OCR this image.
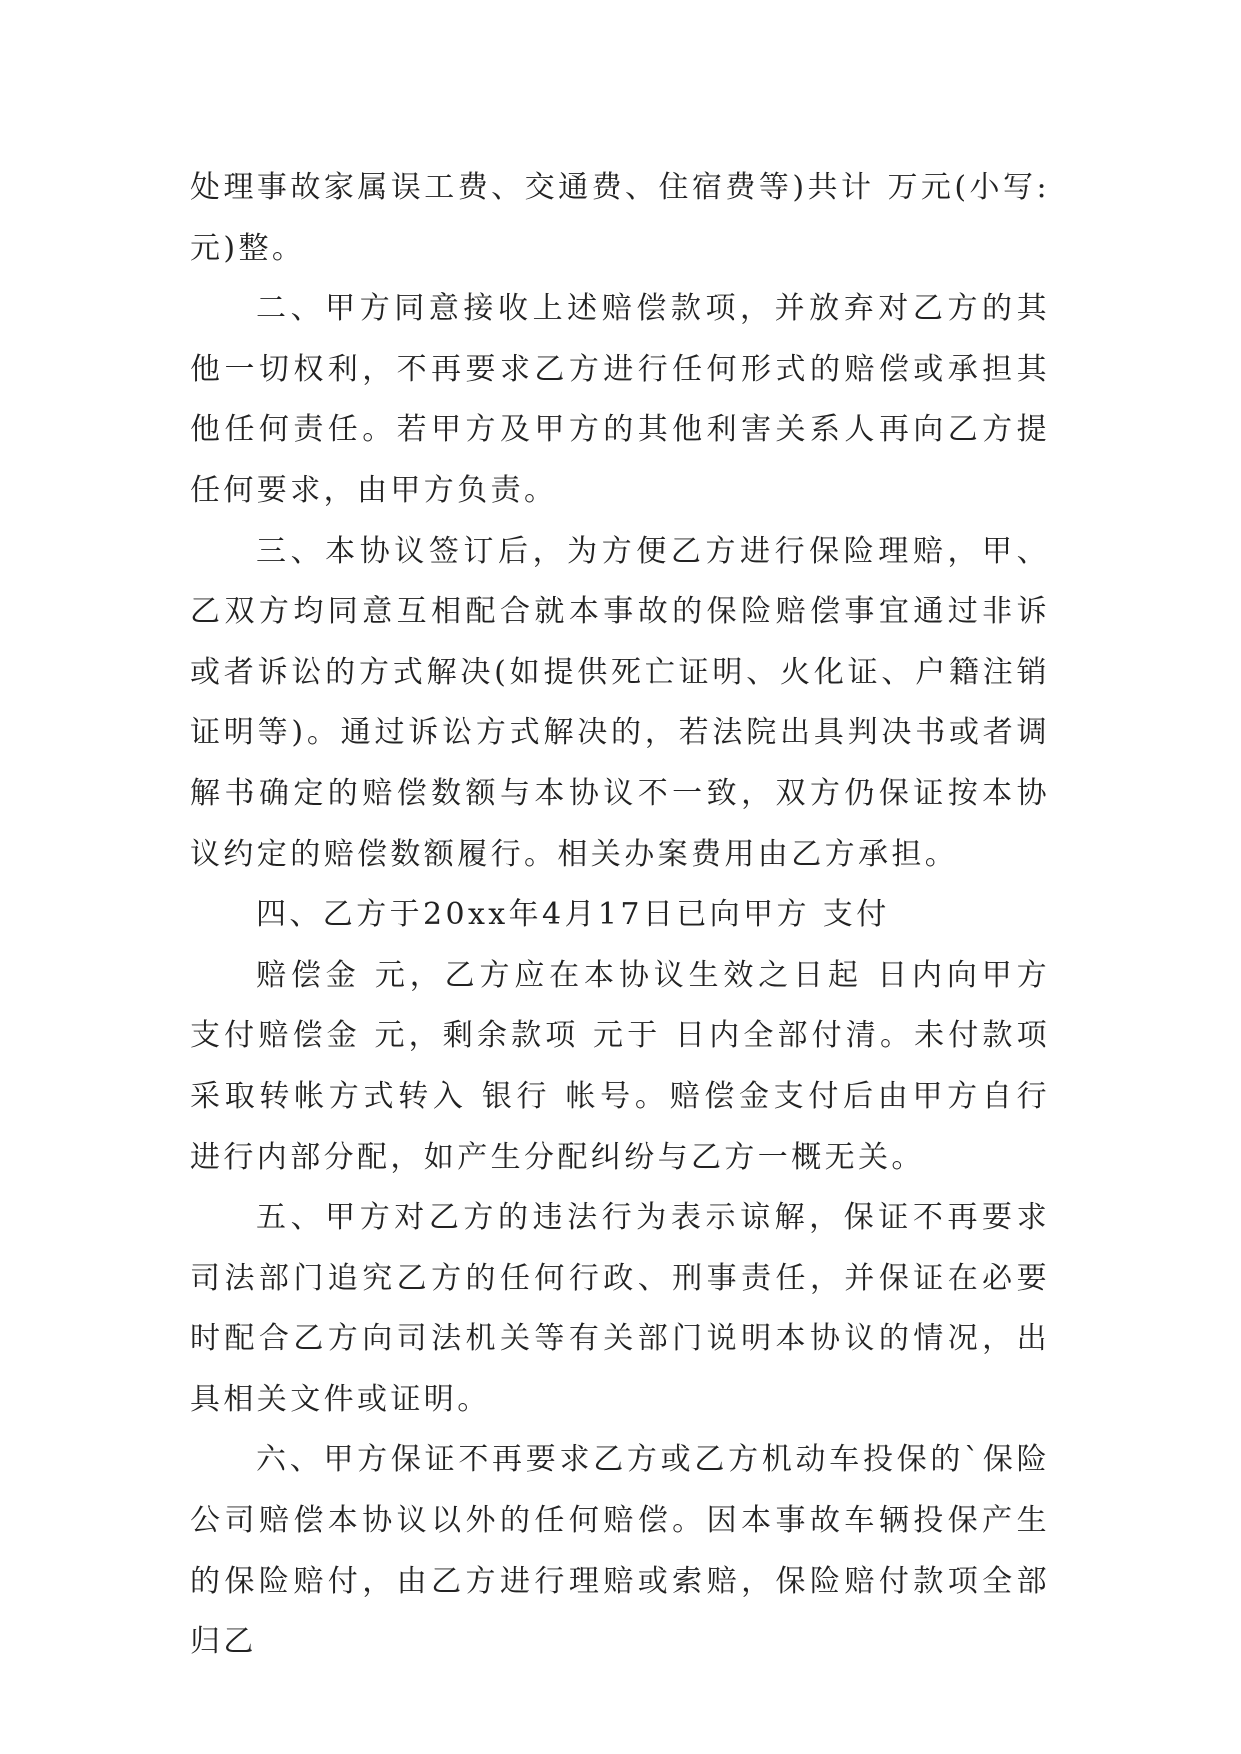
处理事故家属误工费、交通费、住宿费等)共计 万元(小写:元)整。

二、甲方同意接收上述赔偿款项，并放弃对乙方的其他一切权利，不再要求乙方进行任何形式的赔偿或承担其他任何责任。若甲方及甲方的其他利害关系人再向乙方提任何要求，由甲方负责。

三、本协议签订后，为方便乙方进行保险理赔，甲、乙双方均同意互相配合就本事故的保险赔偿事宜通过非诉或者诉讼的方式解决(如提供死亡证明、火化证、户籍注销证明等)。通过诉讼方式解决的，若法院出具判决书或者调解书确定的赔偿数额与本协议不一致，双方仍保证按本协议约定的赔偿数额履行。相关办案费用由乙方承担。

四、乙方于20xx年4月17日已向甲方 支付

赔偿金 元，乙方应在本协议生效之日起 日内向甲方支付赔偿金 元，剩余款项 元于 日内全部付清。未付款项采取转帐方式转入 银行 帐号。赔偿金支付后由甲方自行进行内部分配，如产生分配纠纷与乙方一概无关。

五、甲方对乙方的违法行为表示谅解，保证不再要求司法部门追究乙方的任何行政、刑事责任，并保证在必要时配合乙方向司法机关等有关部门说明本协议的情况，出具相关文件或证明。

六、甲方保证不再要求乙方或乙方机动车投保的`保险公司赔偿本协议以外的任何赔偿。因本事故车辆投保产生的保险赔付，由乙方进行理赔或索赔，保险赔付款项全部归乙
